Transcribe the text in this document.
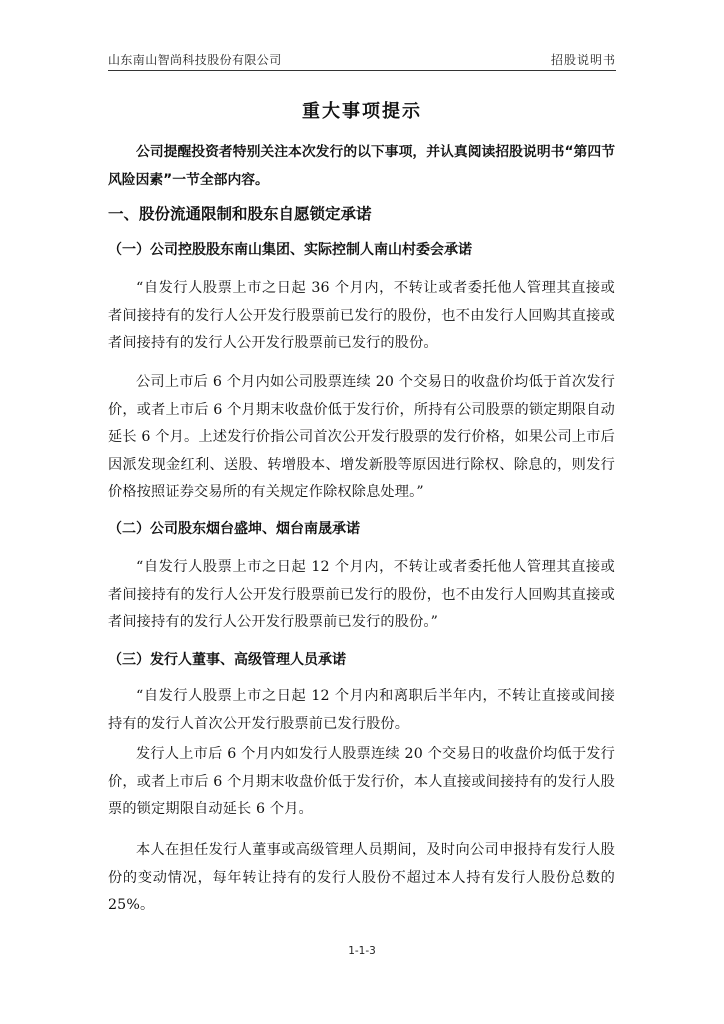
山东南山智尚科技股份有限公司	招股说明书
重大事项提示
公司提醒投资者特别关注本次发行的以下事项，并认真阅读招股说明书“第四节 风险因素”一节全部内容。
一、股份流通限制和股东自愿锁定承诺
（一）公司控股股东南山集团、实际控制人南山村委会承诺
“自发行人股票上市之日起 36 个月内，不转让或者委托他人管理其直接或者间接持有的发行人公开发行股票前已发行的股份，也不由发行人回购其直接或者间接持有的发行人公开发行股票前已发行的股份。
公司上市后 6 个月内如公司股票连续 20 个交易日的收盘价均低于首次发行价，或者上市后 6 个月期末收盘价低于发行价，所持有公司股票的锁定期限自动延长 6 个月。上述发行价指公司首次公开发行股票的发行价格，如果公司上市后因派发现金红利、送股、转增股本、增发新股等原因进行除权、除息的，则发行价格按照证券交易所的有关规定作除权除息处理。”
（二）公司股东烟台盛坤、烟台南晟承诺
“自发行人股票上市之日起 12 个月内，不转让或者委托他人管理其直接或者间接持有的发行人公开发行股票前已发行的股份，也不由发行人回购其直接或者间接持有的发行人公开发行股票前已发行的股份。”
（三）发行人董事、高级管理人员承诺
“自发行人股票上市之日起 12 个月内和离职后半年内，不转让直接或间接持有的发行人首次公开发行股票前已发行股份。
发行人上市后 6 个月内如发行人股票连续 20 个交易日的收盘价均低于发行价，或者上市后 6 个月期末收盘价低于发行价，本人直接或间接持有的发行人股票的锁定期限自动延长 6 个月。
本人在担任发行人董事或高级管理人员期间，及时向公司申报持有发行人股份的变动情况，每年转让持有的发行人股份不超过本人持有发行人股份总数的25%。
1-1-3
